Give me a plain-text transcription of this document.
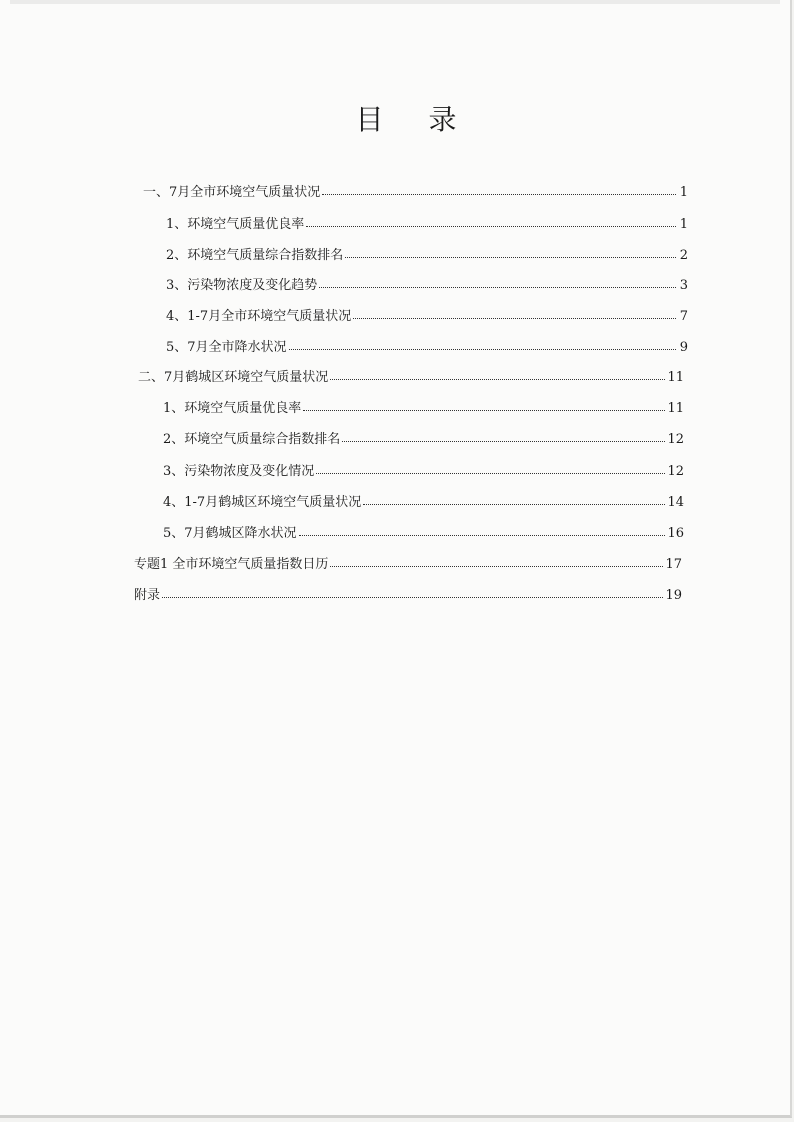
目 录
一、7月全市环境空气质量状况	1
1、环境空气质量优良率	1
2、环境空气质量综合指数排名	2
3、污染物浓度及变化趋势	3
4、1-7月全市环境空气质量状况	7
5、7月全市降水状况	9
二、7月鹤城区环境空气质量状况	11
1、环境空气质量优良率	11
2、环境空气质量综合指数排名	12
3、污染物浓度及变化情况	12
4、1-7月鹤城区环境空气质量状况	14
5、7月鹤城区降水状况	16
专题1 全市环境空气质量指数日历	17
附录	19
